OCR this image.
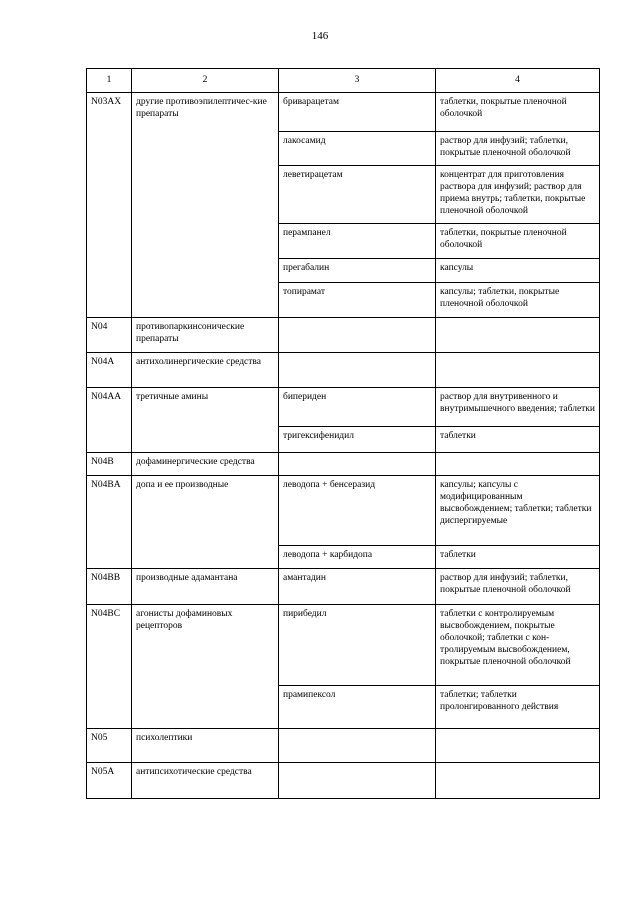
146
1	2	3	4
N03AX	другие противоэпилептичес-кие препараты	бриварацетам	таблетки, покрытые пленочной оболочкой
		лакосамид	раствор для инфузий; таблетки, покрытые пленочной оболочкой
		леветирацетам	концентрат для приготовления раствора для инфузий; раствор для приема внутрь; таблетки, покрытые пленочной оболочкой
		перампанел	таблетки, покрытые пленочной оболочкой
		прегабалин	капсулы
		топирамат	капсулы; таблетки, покрытые пленочной оболочкой
N04	противопаркинсонические препараты		
N04A	антихолинергические средства		
N04AA	третичные амины	бипериден	раствор для внутривенного и внутримышечного введения; таблетки
		тригексифенидил	таблетки
N04B	дофаминергические средства		
N04BA	допа и ее производные	леводопа + бенсеразид	капсулы; капсулы с модифицированным высвобождением; таблетки; таблетки диспергируемые
		леводопа + карбидопа	таблетки
N04BB	производные адамантана	амантадин	раствор для инфузий; таблетки, покрытые пленочной оболочкой
N04BC	агонисты дофаминовых рецепторов	пирибедил	таблетки с контролируемым высвобождением, покрытые оболочкой; таблетки с кон-тролируемым высвобождением, покрытые пленочной оболочкой
		прамипексол	таблетки; таблетки пролонгированного действия
N05	психолептики		
N05A	антипсихотические средства		
